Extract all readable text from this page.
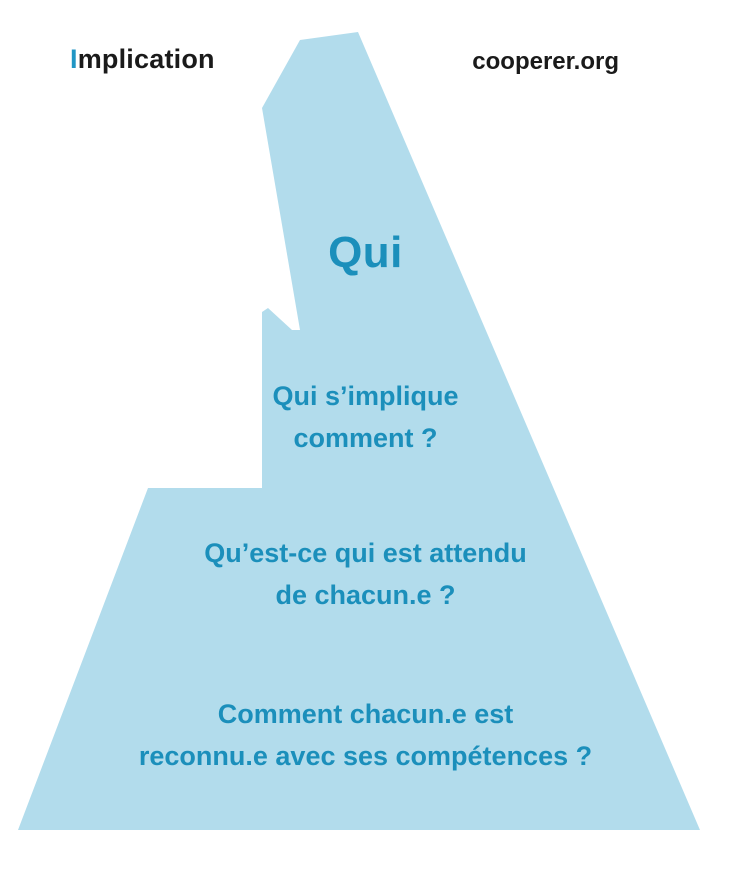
Implication	cooperer.org
Qui
Qui s’implique
comment ?
Qu’est-ce qui est attendu
de chacun.e ?
Comment chacun.e est
reconnu.e avec ses compétences ?
